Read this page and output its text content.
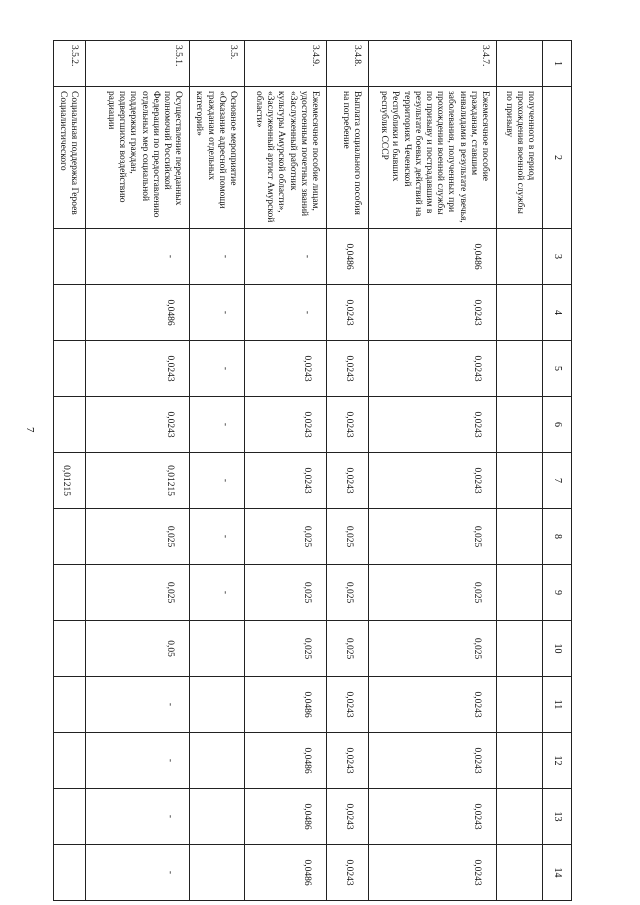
7
1	2	3	4	5	6	7	8	9	10	11	12	13	14
	полученного в период прохождения военной службы по призыву												
3.4.7.	Ежемесячное пособие гражданам, ставшим инвалидами в результате увечья, заболевания, полученных при прохождении военной службы по призыву и пострадавшим в результате боевых действий на территориях Чеченской Республики и бывших республик СССР	0,0486	0,0243	0,0243	0,0243	0,0243	0,025	0,025	0,025	0,0243	0,0243	0,0243	0,0243
3.4.8.	Выплата социального пособия на погребение	0,0486	0,0243	0,0243	0,0243	0,0243	0,025	0,025	0,025	0,0243	0,0243	0,0243	0,0243
3.4.9.	Ежемесячное пособие лицам, удостоенным почетных званий «Заслуженный работник культуры Амурской области», «Заслуженный артист Амурской области»	-	-	0,0243	0,0243	0,0243	0,025	0,025	0,025	0,0486	0,0486	0,0486	0,0486
3.5.	Основное мероприятие «Оказание адресной помощи гражданам отдельных категорий»	-	-	-	-	-	-	-					
3.5.1.	Осуществление переданных полномочий Российской Федерации по предоставлению отдельных мер социальной поддержки граждан, подвергшихся воздействию радиации	-	0,0486	0,0243	0,0243	0,01215	0,025	0,025	0,05	-	-	-	-
3.5.2.	Социальная поддержка Героев Социалистического					0,01215							
